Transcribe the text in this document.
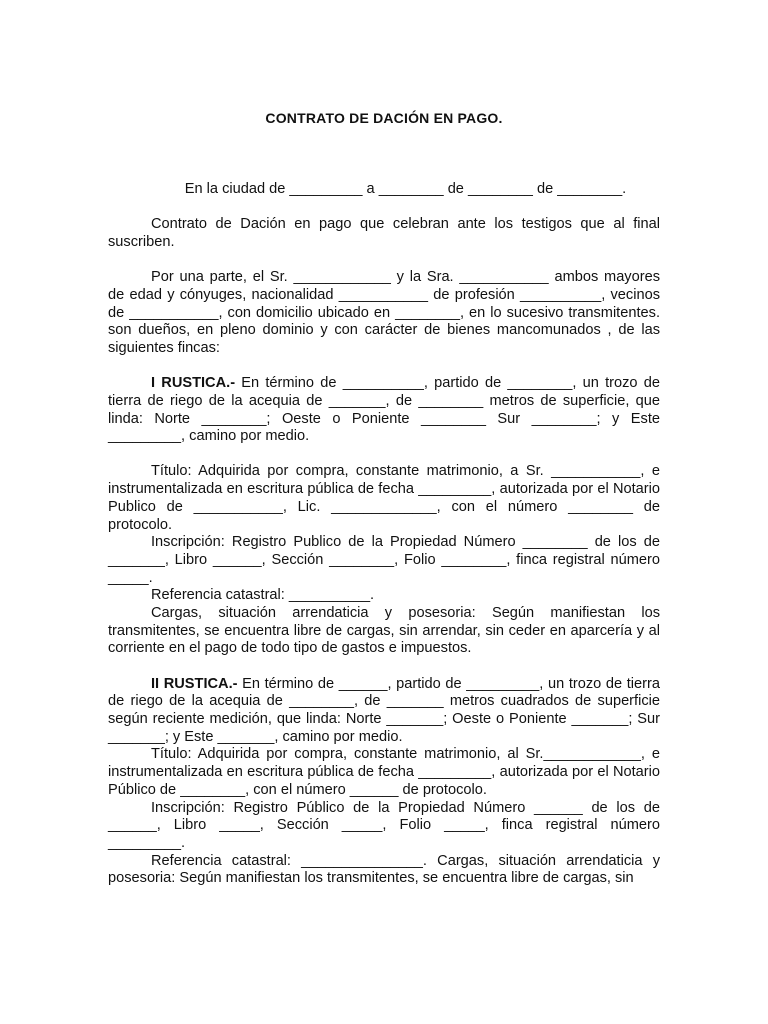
CONTRATO DE DACIÓN EN PAGO.

En la ciudad de _________ a ________ de ________ de ________.

Contrato de Dación en pago que celebran ante los testigos que al final suscriben.

Por una parte, el Sr. ____________ y la Sra. ___________ ambos mayores de edad y cónyuges, nacionalidad ___________ de profesión __________, vecinos de ___________, con domicilio ubicado en ________, en lo sucesivo transmitentes. son dueños, en pleno dominio y con carácter de bienes mancomunados , de las siguientes fincas:

I RUSTICA.- En término de __________, partido de ________, un trozo de tierra de riego de la acequia de _______, de ________ metros de superficie, que linda: Norte ________; Oeste o Poniente ________ Sur ________; y Este _________, camino por medio.

Título: Adquirida por compra, constante matrimonio, a Sr. ___________, e instrumentalizada en escritura pública de fecha _________, autorizada por el Notario Publico de ___________, Lic. _____________, con el número ________ de protocolo.

Inscripción: Registro Publico de la Propiedad Número ________ de los de _______, Libro ______, Sección ________, Folio ________, finca registral número _____.

Referencia catastral: __________.

Cargas, situación arrendaticia y posesoria: Según manifiestan los transmitentes, se encuentra libre de cargas, sin arrendar, sin ceder en aparcería y al corriente en el pago de todo tipo de gastos e impuestos.

II RUSTICA.- En término de ______, partido de _________, un trozo de tierra de riego de la acequia de ________, de _______ metros cuadrados de superficie según reciente medición, que linda: Norte _______; Oeste o Poniente _______; Sur _______; y Este _______, camino por medio.

Título: Adquirida por compra, constante matrimonio, al Sr.____________, e instrumentalizada en escritura pública de fecha _________, autorizada por el Notario Público de ________, con el número ______ de protocolo.

Inscripción: Registro Público de la Propiedad Número ______ de los de ______, Libro _____, Sección _____, Folio _____, finca registral número _________.

Referencia catastral: _______________. Cargas, situación arrendaticia y posesoria: Según manifiestan los transmitentes, se encuentra libre de cargas, sin
